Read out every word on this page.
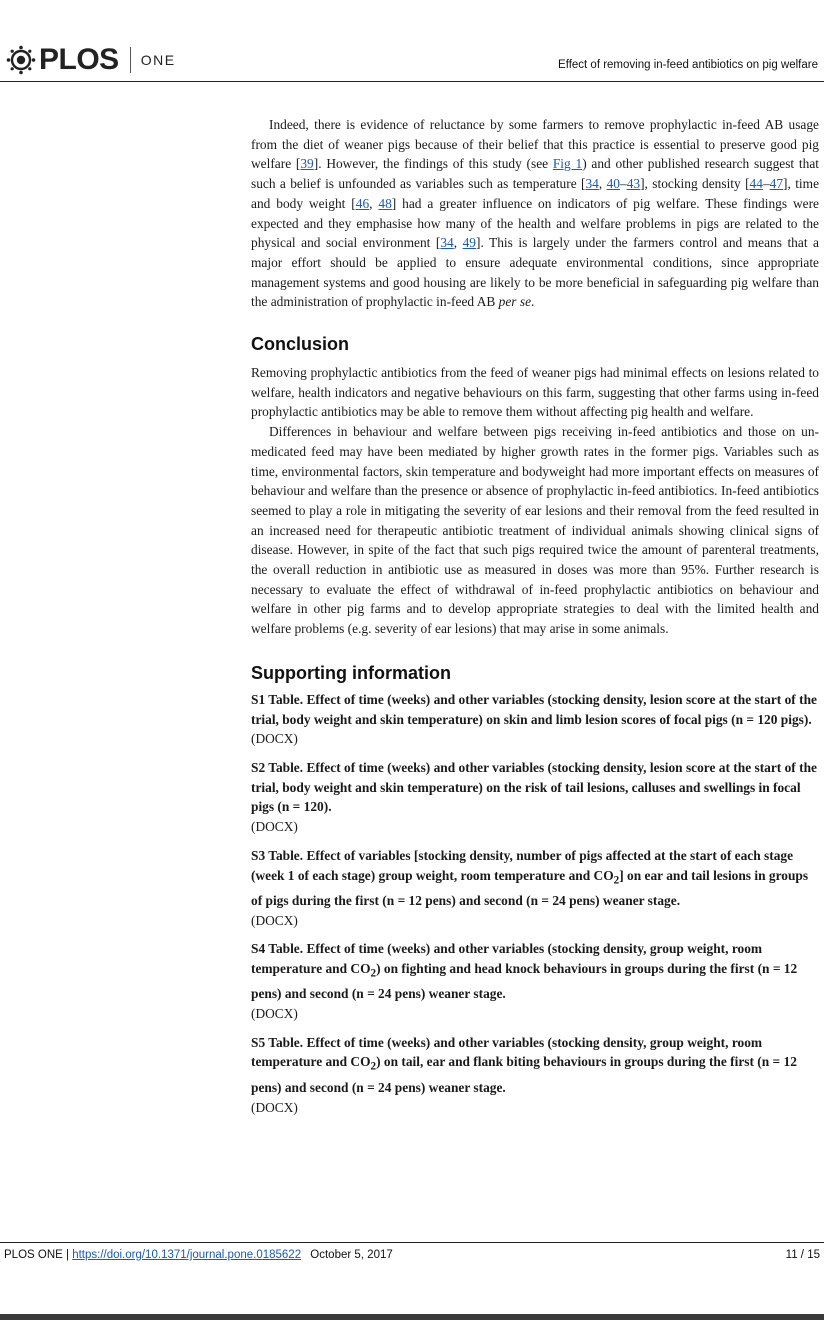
PLOS ONE	Effect of removing in-feed antibiotics on pig welfare

Indeed, there is evidence of reluctance by some farmers to remove prophylactic in-feed AB usage from the diet of weaner pigs because of their belief that this practice is essential to preserve good pig welfare [39]. However, the findings of this study (see Fig 1) and other published research suggest that such a belief is unfounded as variables such as temperature [34, 40–43], stocking density [44–47], time and body weight [46, 48] had a greater influence on indicators of pig welfare. These findings were expected and they emphasise how many of the health and welfare problems in pigs are related to the physical and social environment [34, 49]. This is largely under the farmers control and means that a major effort should be applied to ensure adequate environmental conditions, since appropriate management systems and good housing are likely to be more beneficial in safeguarding pig welfare than the administration of prophylactic in-feed AB per se.

Conclusion

Removing prophylactic antibiotics from the feed of weaner pigs had minimal effects on lesions related to welfare, health indicators and negative behaviours on this farm, suggesting that other farms using in-feed prophylactic antibiotics may be able to remove them without affecting pig health and welfare.

Differences in behaviour and welfare between pigs receiving in-feed antibiotics and those on un-medicated feed may have been mediated by higher growth rates in the former pigs. Variables such as time, environmental factors, skin temperature and bodyweight had more important effects on measures of behaviour and welfare than the presence or absence of prophylactic in-feed antibiotics. In-feed antibiotics seemed to play a role in mitigating the severity of ear lesions and their removal from the feed resulted in an increased need for therapeutic antibiotic treatment of individual animals showing clinical signs of disease. However, in spite of the fact that such pigs required twice the amount of parenteral treatments, the overall reduction in antibiotic use as measured in doses was more than 95%. Further research is necessary to evaluate the effect of withdrawal of in-feed prophylactic antibiotics on behaviour and welfare in other pig farms and to develop appropriate strategies to deal with the limited health and welfare problems (e.g. severity of ear lesions) that may arise in some animals.

Supporting information
S1 Table. Effect of time (weeks) and other variables (stocking density, lesion score at the start of the trial, body weight and skin temperature) on skin and limb lesion scores of focal pigs (n = 120 pigs).
(DOCX)
S2 Table. Effect of time (weeks) and other variables (stocking density, lesion score at the start of the trial, body weight and skin temperature) on the risk of tail lesions, calluses and swellings in focal pigs (n = 120).
(DOCX)
S3 Table. Effect of variables [stocking density, number of pigs affected at the start of each stage (week 1 of each stage) group weight, room temperature and $CO_2$] on ear and tail lesions in groups of pigs during the first (n = 12 pens) and second (n = 24 pens) weaner stage.
(DOCX)
S4 Table. Effect of time (weeks) and other variables (stocking density, group weight, room temperature and $CO_2$) on fighting and head knock behaviours in groups during the first (n = 12 pens) and second (n = 24 pens) weaner stage.
(DOCX)
S5 Table. Effect of time (weeks) and other variables (stocking density, group weight, room temperature and $CO_2$) on tail, ear and flank biting behaviours in groups during the first (n = 12 pens) and second (n = 24 pens) weaner stage.
(DOCX)
PLOS ONE | https://doi.org/10.1371/journal.pone.0185622 October 5, 2017	11 / 15
